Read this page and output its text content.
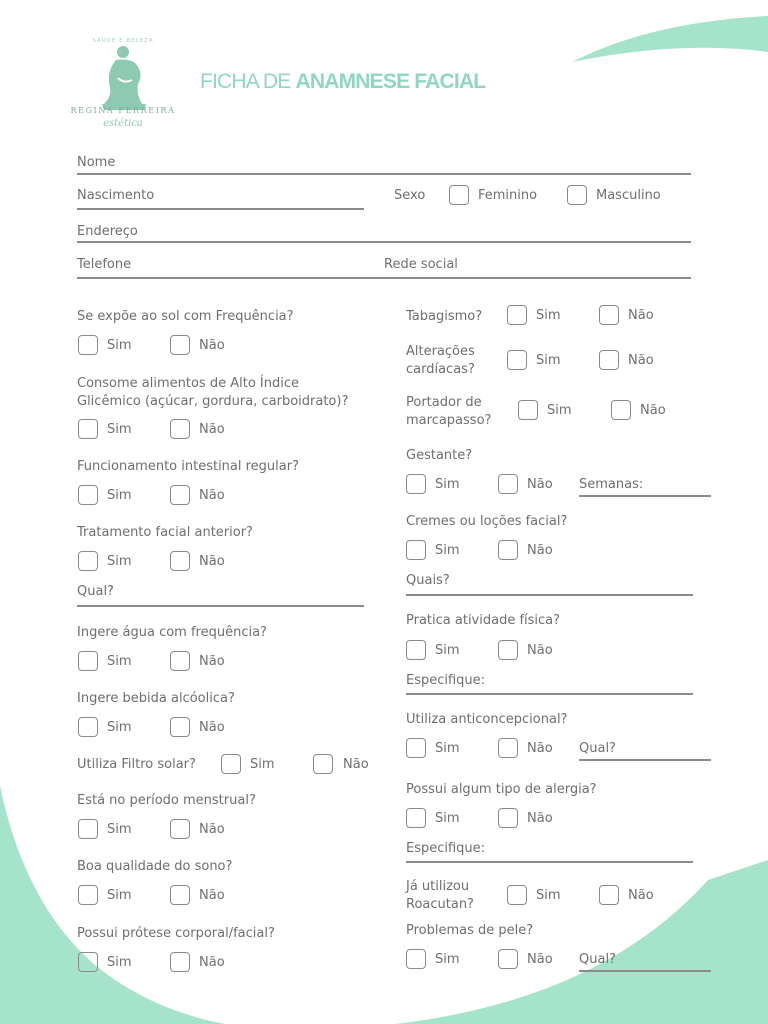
SAÚDE E BELEZA
REGINA FERREIRA
estética
FICHA DE ANAMNESE FACIAL
Nome
Nascimento	Sexo	Feminino	Masculino
Endereço
Telefone	Rede social
Se expõe ao sol com Frequência?
Sim	Não
Consome alimentos de Alto Índice
Glicêmico (açúcar, gordura, carboidrato)?
Sim	Não
Funcionamento intestinal regular?
Sim	Não
Tratamento facial anterior?
Sim	Não
Qual?
Ingere água com frequência?
Sim	Não
Ingere bebida alcóolica?
Sim	Não
Utiliza Filtro solar?	Sim	Não
Está no período menstrual?
Sim	Não
Boa qualidade do sono?
Sim	Não
Possui prótese corporal/facial?
Sim	Não
Tabagismo?	Sim	Não
Alterações
cardíacas?
Sim	Não
Portador de
marcapasso?
Sim	Não
Gestante?
Sim	Não Semanas:
Cremes ou loções facial?
Sim	Não
Quais?
Pratica atividade física?
Sim	Não
Especifique:
Utiliza anticoncepcional?
Sim	Não Qual?
Possui algum tipo de alergia?
Sim	Não
Especifique:
Já utilizou
Roacutan?
Sim	Não
Problemas de pele?
Sim	Não Qual?
